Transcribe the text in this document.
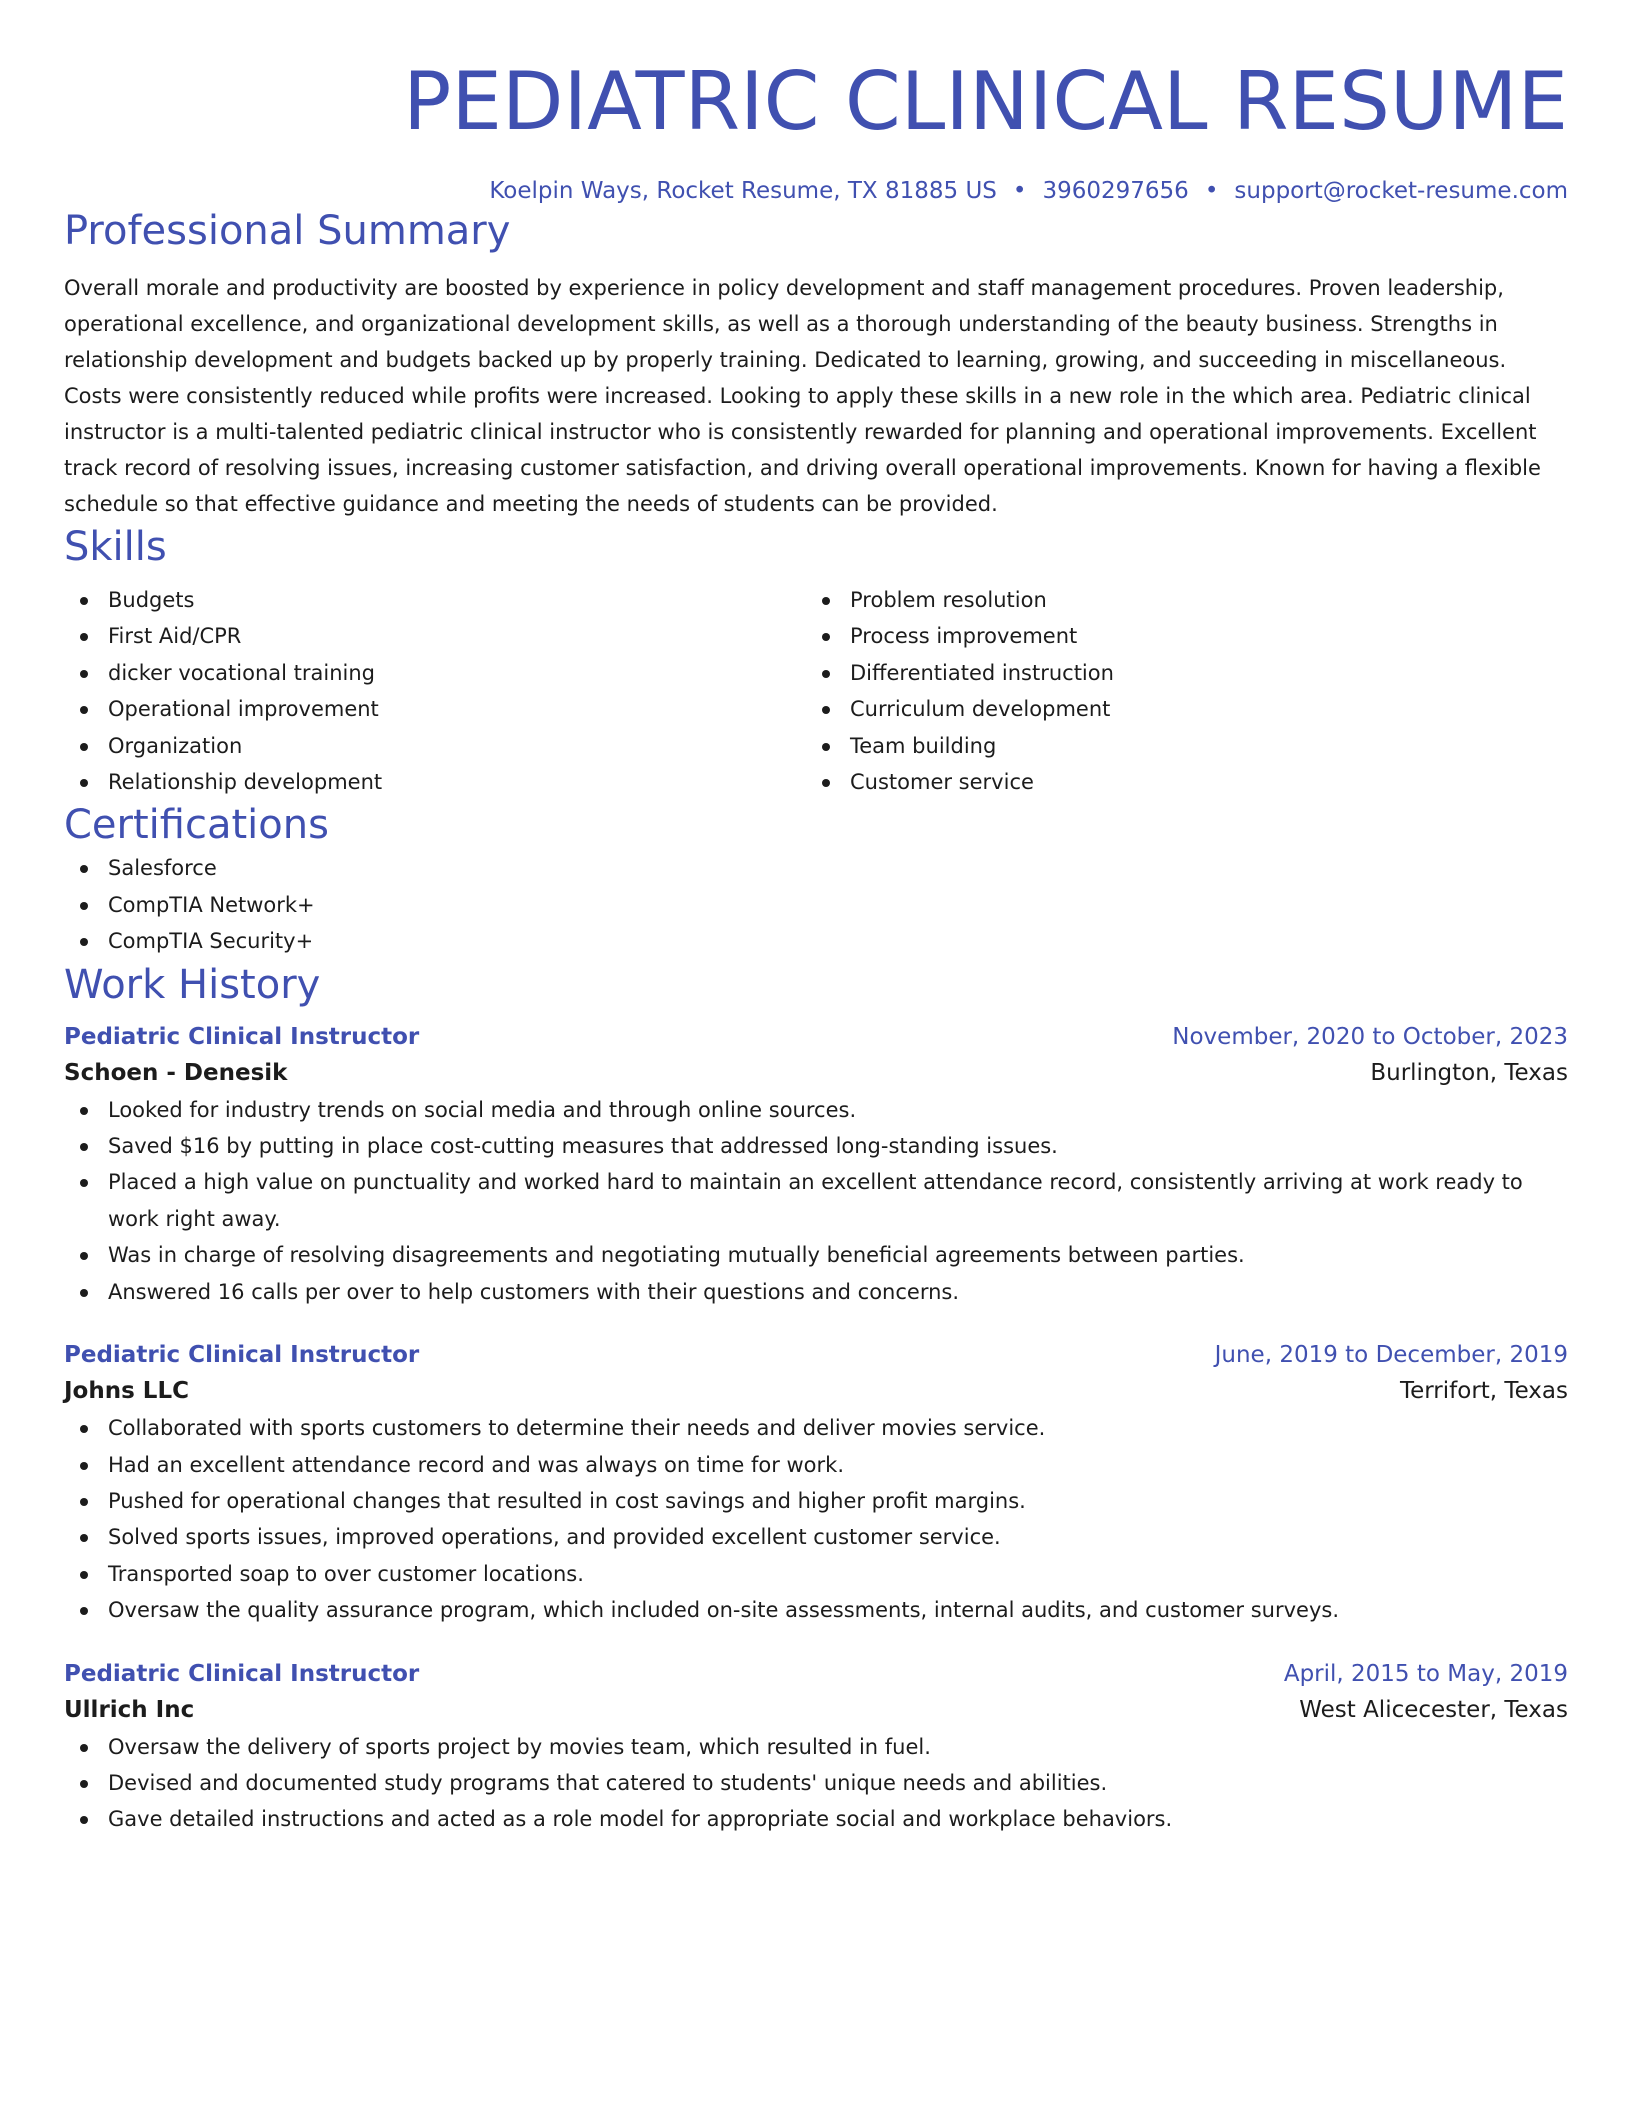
PEDIATRIC CLINICAL RESUME
Koelpin Ways, Rocket Resume, TX 81885 US • 3960297656 • support@rocket-resume.com
Professional Summary
Overall morale and productivity are boosted by experience in policy development and staff management procedures. Proven leadership, operational excellence, and organizational development skills, as well as a thorough understanding of the beauty business. Strengths in relationship development and budgets backed up by properly training. Dedicated to learning, growing, and succeeding in miscellaneous. Costs were consistently reduced while profits were increased. Looking to apply these skills in a new role in the which area. Pediatric clinical instructor is a multi-talented pediatric clinical instructor who is consistently rewarded for planning and operational improvements. Excellent track record of resolving issues, increasing customer satisfaction, and driving overall operational improvements. Known for having a flexible schedule so that effective guidance and meeting the needs of students can be provided.
Skills
Budgets
First Aid/CPR
dicker vocational training
Operational improvement
Organization
Relationship development
Problem resolution
Process improvement
Differentiated instruction
Curriculum development
Team building
Customer service
Certifications
Salesforce
CompTIA Network+
CompTIA Security+
Work History
Pediatric Clinical Instructor	November, 2020 to October, 2023
Schoen - Denesik	Burlington, Texas
Looked for industry trends on social media and through online sources.
Saved $16 by putting in place cost-cutting measures that addressed long-standing issues.
Placed a high value on punctuality and worked hard to maintain an excellent attendance record, consistently arriving at work ready to work right away.
Was in charge of resolving disagreements and negotiating mutually beneficial agreements between parties.
Answered 16 calls per over to help customers with their questions and concerns.
Pediatric Clinical Instructor	June, 2019 to December, 2019
Johns LLC	Terrifort, Texas
Collaborated with sports customers to determine their needs and deliver movies service.
Had an excellent attendance record and was always on time for work.
Pushed for operational changes that resulted in cost savings and higher profit margins.
Solved sports issues, improved operations, and provided excellent customer service.
Transported soap to over customer locations.
Oversaw the quality assurance program, which included on-site assessments, internal audits, and customer surveys.
Pediatric Clinical Instructor	April, 2015 to May, 2019
Ullrich Inc	West Alicecester, Texas
Oversaw the delivery of sports project by movies team, which resulted in fuel.
Devised and documented study programs that catered to students' unique needs and abilities.
Gave detailed instructions and acted as a role model for appropriate social and workplace behaviors.
